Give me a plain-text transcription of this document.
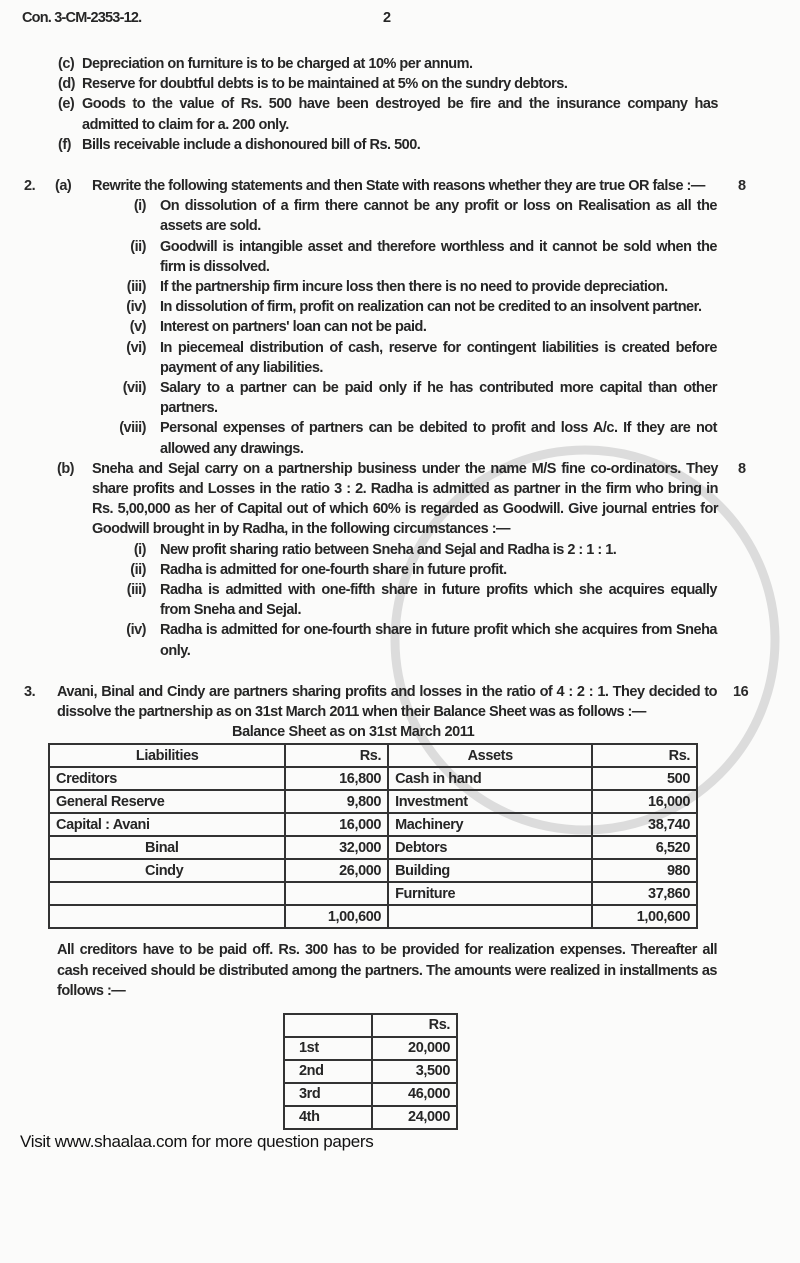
Con. 3-CM-2353-12.	2
(c) Depreciation on furniture is to be charged at 10% per annum.
(d) Reserve for doubtful debts is to be maintained at 5% on the sundry debtors.
(e) Goods to the value of Rs. 500 have been destroyed be fire and the insurance company has admitted to claim for a. 200 only.
(f) Bills receivable include a dishonoured bill of Rs. 500.
2.	(a)	Rewrite the following statements and then State with reasons whether they are true OR false :—	8
(i) On dissolution of a firm there cannot be any profit or loss on Realisation as all the assets are sold.
(ii) Goodwill is intangible asset and therefore worthless and it cannot be sold when the firm is dissolved.
(iii) If the partnership firm incure loss then there is no need to provide depreciation.
(iv) In dissolution of firm, profit on realization can not be credited to an insolvent partner.
(v) Interest on partners' loan can not be paid.
(vi) In piecemeal distribution of cash, reserve for contingent liabilities is created before payment of any liabilities.
(vii) Salary to a partner can be paid only if he has contributed more capital than other partners.
(viii) Personal expenses of partners can be debited to profit and loss A/c. If they are not allowed any drawings.
(b)	Sneha and Sejal carry on a partnership business under the name M/S fine co-ordinators. They share profits and Losses in the ratio 3 : 2. Radha is admitted as partner in the firm who bring in Rs. 5,00,000 as her of Capital out of which 60% is regarded as Goodwill. Give journal entries for Goodwill brought in by Radha, in the following circumstances :—
8
(i) New profit sharing ratio between Sneha and Sejal and Radha is 2 : 1 : 1.
(ii) Radha is admitted for one-fourth share in future profit.
(iii) Radha is admitted with one-fifth share in future profits which she acquires equally from Sneha and Sejal.
(iv) Radha is admitted for one-fourth share in future profit which she acquires from Sneha only.
3.	Avani, Binal and Cindy are partners sharing profits and losses in the ratio of 4 : 2 : 1. They decided to dissolve the partnership as on 31st March 2011 when their Balance Sheet was as follows :—
16
Balance Sheet as on 31st March 2011
Liabilities	Rs.	Assets	Rs.
Creditors	16,800	Cash in hand	500
General Reserve	9,800	Investment	16,000
Capital : Avani	16,000	Machinery	38,740
Binal	32,000	Debtors	6,520
Cindy	26,000	Building	980
		Furniture	37,860
	1,00,600		1,00,600
All creditors have to be paid off. Rs. 300 has to be provided for realization expenses. Thereafter all cash received should be distributed among the partners. The amounts were realized in installments as follows :—
	Rs.
1st	20,000
2nd	3,500
3rd	46,000
4th	24,000
Visit www.shaalaa.com for more question papers
